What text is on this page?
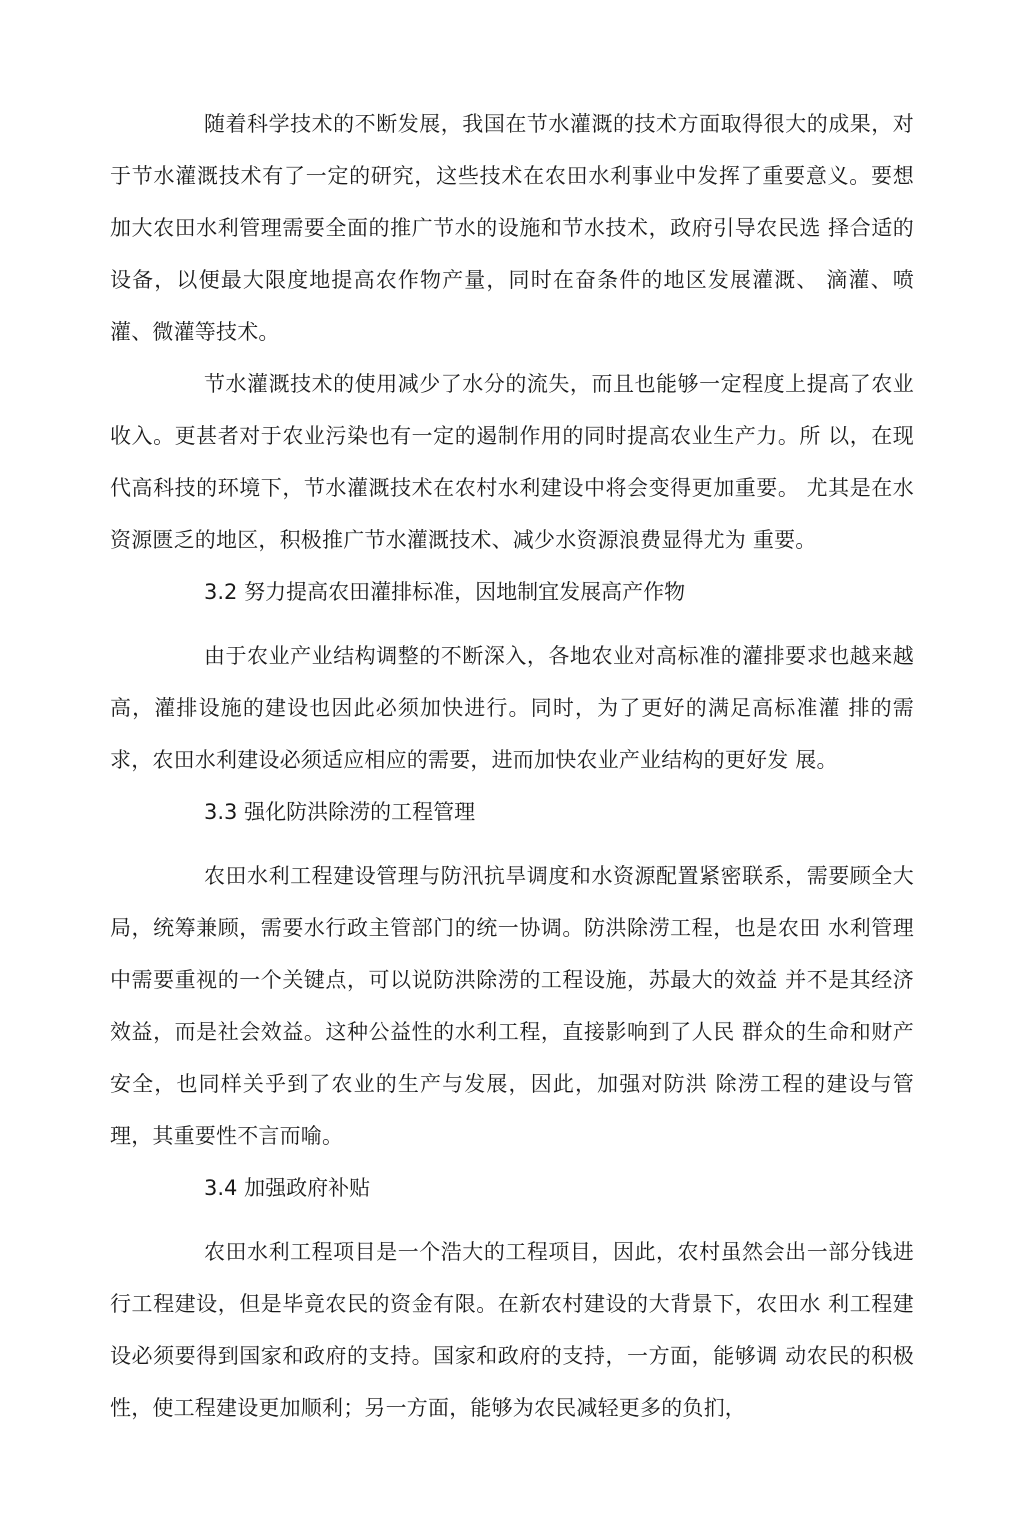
随着科学技术的不断发展，我国在节水灌溉的技术方面取得很大的成果，对于节水灌溉技术有了一定的研究，这些技术在农田水利事业中发挥了重要意义。要想加大农田水利管理需要全面的推广节水的设施和节水技术，政府引导农民选 择合适的设备，以便最大限度地提高农作物产量，同时在奋条件的地区发展灌溉、 滴灌、喷灌、微灌等技术。

节水灌溉技术的使用减少了水分的流失，而且也能够一定程度上提高了农业收入。更甚者对于农业污染也有一定的遏制作用的同时提高农业生产力。所 以，在现代高科技的环境下，节水灌溉技术在农村水利建设中将会变得更加重要。 尤其是在水资源匮乏的地区，积极推广节水灌溉技术、减少水资源浪费显得尤为 重要。

3.2 努力提高农田灌排标准，因地制宜发展高产作物

由于农业产业结构调整的不断深入，各地农业对高标准的灌排要求也越来越高，灌排设施的建设也因此必须加快进行。同时，为了更好的满足高标准灌 排的需求，农田水利建设必须适应相应的需要，进而加快农业产业结构的更好发 展。

3.3 强化防洪除涝的工程管理

农田水利工程建设管理与防汛抗旱调度和水资源配置紧密联系，需要顾全大局，统筹兼顾，需要水行政主管部门的统一协调。防洪除涝工程，也是农田 水利管理中需要重视的一个关键点，可以说防洪除涝的工程设施，苏最大的效益 并不是其经济效益，而是社会效益。这种公益性的水利工程，直接影响到了人民 群众的生命和财产安全，也同样关乎到了农业的生产与发展，因此，加强对防洪 除涝工程的建设与管理，其重要性不言而喻。

3.4 加强政府补贴

农田水利工程项目是一个浩大的工程项目，因此，农村虽然会出一部分钱进行工程建设，但是毕竟农民的资金有限。在新农村建设的大背景下，农田水 利工程建设必须要得到国家和政府的支持。国家和政府的支持，一方面，能够调 动农民的积极性，使工程建设更加顺利；另一方面，能够为农民减轻更多的负扪，
